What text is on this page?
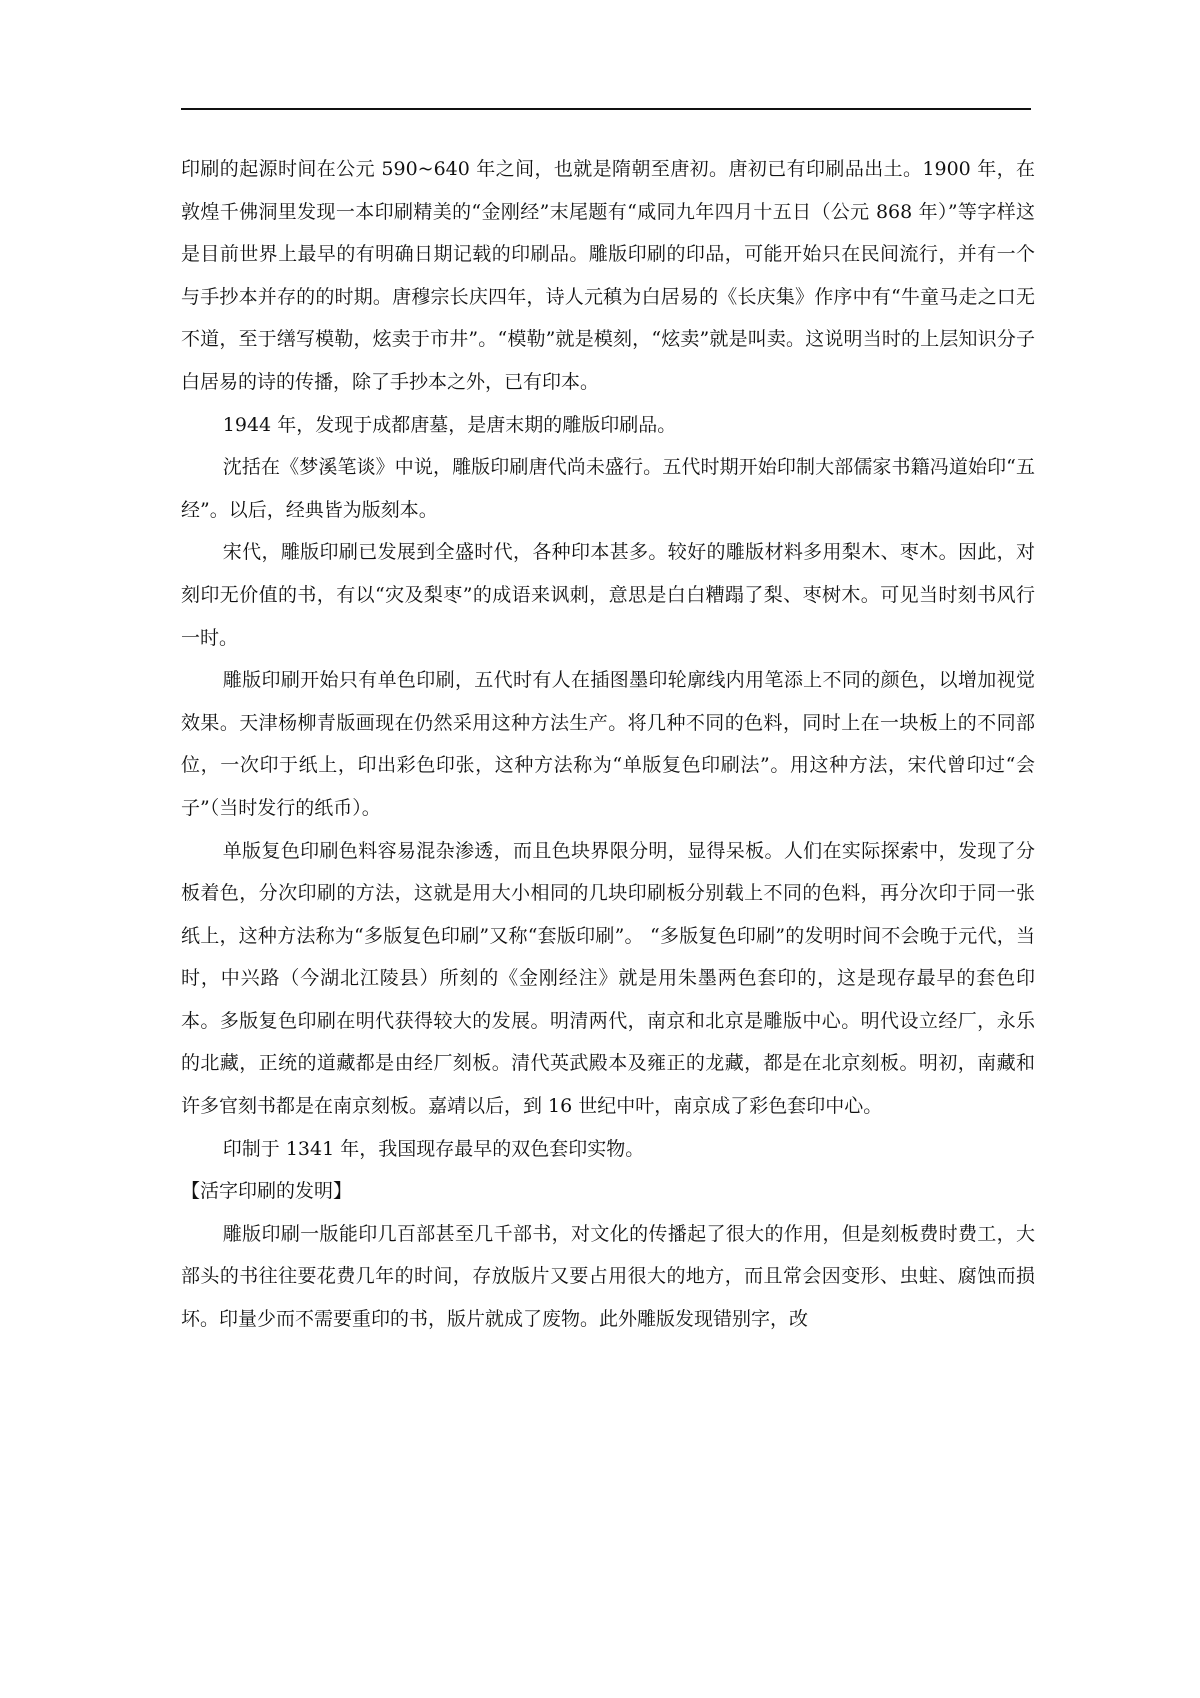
印刷的起源时间在公元 590~640 年之间，也就是隋朝至唐初。唐初已有印刷品出土。1900 年，在敦煌千佛洞里发现一本印刷精美的“金刚经”末尾题有“咸同九年四月十五日（公元 868 年）”等字样这是目前世界上最早的有明确日期记载的印刷品。雕版印刷的印品，可能开始只在民间流行，并有一个与手抄本并存的的时期。唐穆宗长庆四年，诗人元稹为白居易的《长庆集》作序中有“牛童马走之口无不道，至于缮写模勒，炫卖于市井”。“模勒”就是模刻，“炫卖”就是叫卖。这说明当时的上层知识分子白居易的诗的传播，除了手抄本之外，已有印本。

1944 年，发现于成都唐墓，是唐末期的雕版印刷品。

沈括在《梦溪笔谈》中说，雕版印刷唐代尚未盛行。五代时期开始印制大部儒家书籍冯道始印“五经”。以后，经典皆为版刻本。

宋代，雕版印刷已发展到全盛时代，各种印本甚多。较好的雕版材料多用梨木、枣木。因此，对刻印无价值的书，有以“灾及梨枣”的成语来讽刺，意思是白白糟蹋了梨、枣树木。可见当时刻书风行一时。

雕版印刷开始只有单色印刷，五代时有人在插图墨印轮廓线内用笔添上不同的颜色，以增加视觉效果。天津杨柳青版画现在仍然采用这种方法生产。将几种不同的色料，同时上在一块板上的不同部位，一次印于纸上，印出彩色印张，这种方法称为“单版复色印刷法”。用这种方法，宋代曾印过“会子”（当时发行的纸币）。

单版复色印刷色料容易混杂渗透，而且色块界限分明，显得呆板。人们在实际探索中，发现了分板着色，分次印刷的方法，这就是用大小相同的几块印刷板分别载上不同的色料，再分次印于同一张纸上，这种方法称为“多版复色印刷”又称“套版印刷”。 “多版复色印刷”的发明时间不会晚于元代，当时，中兴路（今湖北江陵县）所刻的《金刚经注》就是用朱墨两色套印的，这是现存最早的套色印本。多版复色印刷在明代获得较大的发展。明清两代，南京和北京是雕版中心。明代设立经厂，永乐的北藏，正统的道藏都是由经厂刻板。清代英武殿本及雍正的龙藏，都是在北京刻板。明初，南藏和许多官刻书都是在南京刻板。嘉靖以后，到 16 世纪中叶，南京成了彩色套印中心。

印制于 1341 年，我国现存最早的双色套印实物。

【活字印刷的发明】

雕版印刷一版能印几百部甚至几千部书，对文化的传播起了很大的作用，但是刻板费时费工，大部头的书往往要花费几年的时间，存放版片又要占用很大的地方，而且常会因变形、虫蛀、腐蚀而损坏。印量少而不需要重印的书，版片就成了废物。此外雕版发现错别字，改
